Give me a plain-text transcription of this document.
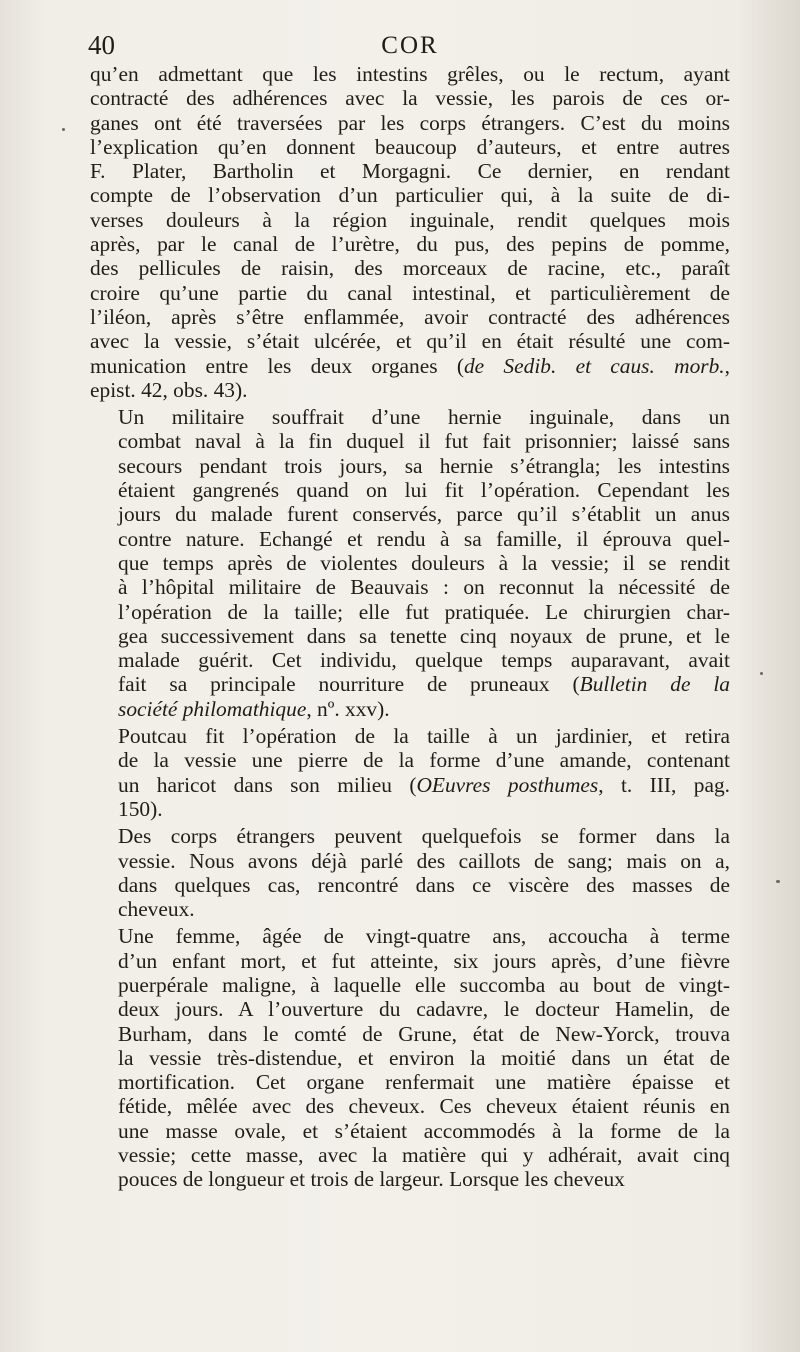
40	COR

qu’en admettant que les intestins grêles, ou le rectum, ayant
contracté des adhérences avec la vessie, les parois de ces or-
ganes ont été traversées par les corps étrangers. C’est du moins
l’explication qu’en donnent beaucoup d’auteurs, et entre autres
F. Plater, Bartholin et Morgagni. Ce dernier, en rendant
compte de l’observation d’un particulier qui, à la suite de di-
verses douleurs à la région inguinale, rendit quelques mois
après, par le canal de l’urètre, du pus, des pepins de pomme,
des pellicules de raisin, des morceaux de racine, etc., paraît
croire qu’une partie du canal intestinal, et particulièrement de
l’iléon, après s’être enflammée, avoir contracté des adhérences
avec la vessie, s’était ulcérée, et qu’il en était résulté une com-
munication entre les deux organes (de Sedib. et caus. morb.,
epist. 42, obs. 43).

Un militaire souffrait d’une hernie inguinale, dans un
combat naval à la fin duquel il fut fait prisonnier; laissé sans
secours pendant trois jours, sa hernie s’étrangla; les intestins
étaient gangrenés quand on lui fit l’opération. Cependant les
jours du malade furent conservés, parce qu’il s’établit un anus
contre nature. Echangé et rendu à sa famille, il éprouva quel-
que temps après de violentes douleurs à la vessie; il se rendit
à l’hôpital militaire de Beauvais : on reconnut la nécessité de
l’opération de la taille; elle fut pratiquée. Le chirurgien char-
gea successivement dans sa tenette cinq noyaux de prune, et le
malade guérit. Cet individu, quelque temps auparavant, avait
fait sa principale nourriture de pruneaux (Bulletin de la
société philomathique, nº. xxv).

Poutcau fit l’opération de la taille à un jardinier, et retira
de la vessie une pierre de la forme d’une amande, contenant
un haricot dans son milieu (OEuvres posthumes, t. III, pag.
150).

Des corps étrangers peuvent quelquefois se former dans la
vessie. Nous avons déjà parlé des caillots de sang; mais on a,
dans quelques cas, rencontré dans ce viscère des masses de
cheveux.

Une femme, âgée de vingt-quatre ans, accoucha à terme
d’un enfant mort, et fut atteinte, six jours après, d’une fièvre
puerpérale maligne, à laquelle elle succomba au bout de vingt-
deux jours. A l’ouverture du cadavre, le docteur Hamelin, de
Burham, dans le comté de Grune, état de New-Yorck, trouva
la vessie très-distendue, et environ la moitié dans un état de
mortification. Cet organe renfermait une matière épaisse et
fétide, mêlée avec des cheveux. Ces cheveux étaient réunis en
une masse ovale, et s’étaient accommodés à la forme de la
vessie; cette masse, avec la matière qui y adhérait, avait cinq
pouces de longueur et trois de largeur. Lorsque les cheveux
